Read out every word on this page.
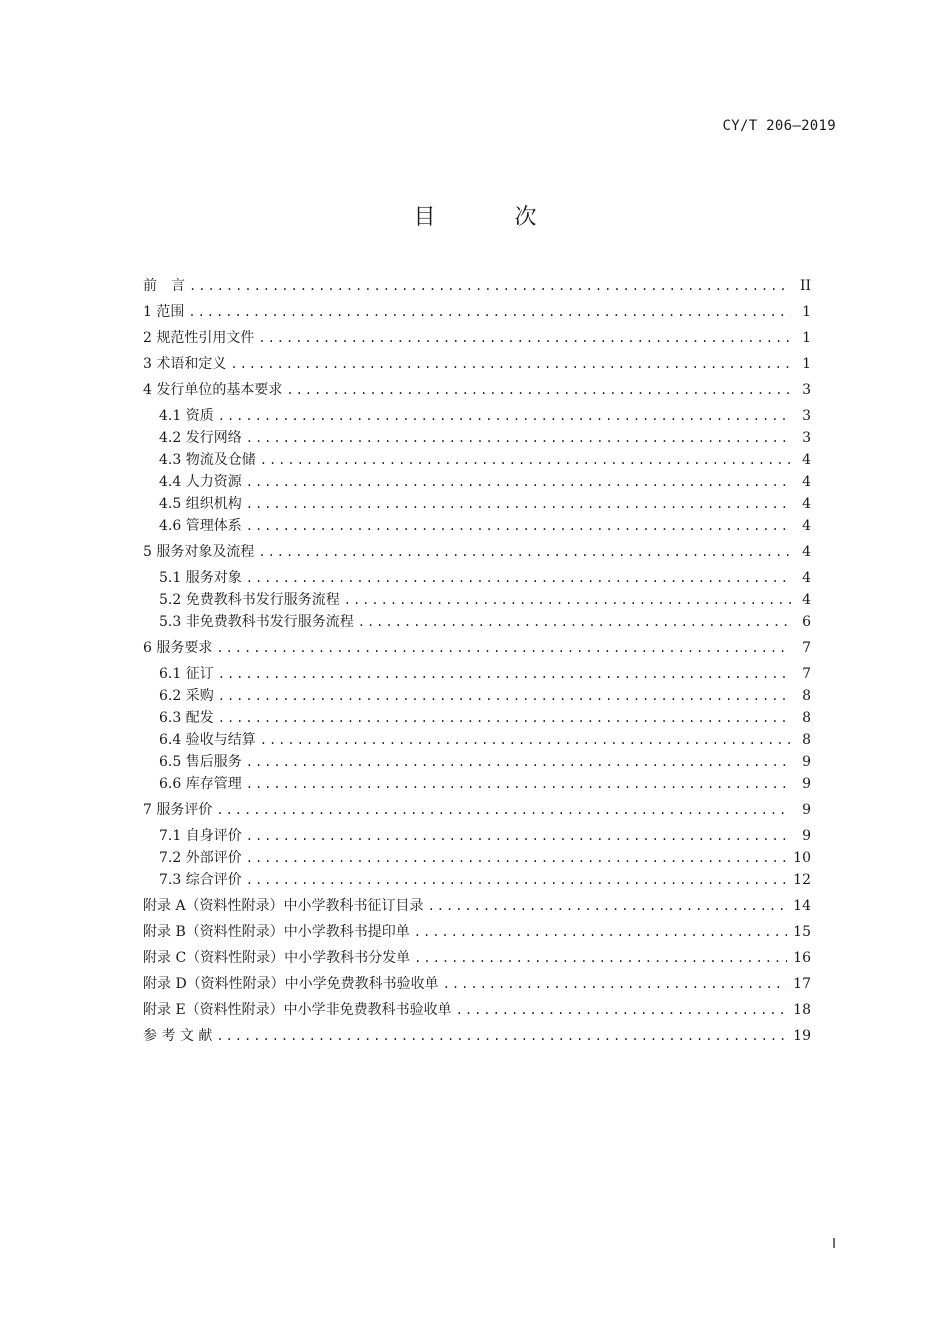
CY/T 206—2019
目 次
前　言 .....	II
1 范围 .....	1
2 规范性引用文件 .....	1
3 术语和定义 .....	1
4 发行单位的基本要求 .....	3
4.1 资质 .....	3
4.2 发行网络 .....	3
4.3 物流及仓储 .....	4
4.4 人力资源 .....	4
4.5 组织机构 .....	4
4.6 管理体系 .....	4
5 服务对象及流程 .....	4
5.1 服务对象 .....	4
5.2 免费教科书发行服务流程 .....	4
5.3 非免费教科书发行服务流程 .....	6
6 服务要求 .....	7
6.1 征订 .....	7
6.2 采购 .....	8
6.3 配发 .....	8
6.4 验收与结算 .....	8
6.5 售后服务 .....	9
6.6 库存管理 .....	9
7 服务评价 .....	9
7.1 自身评价 .....	9
7.2 外部评价 .....	10
7.3 综合评价 .....	12
附录 A（资料性附录）中小学教科书征订目录 .....	14
附录 B（资料性附录）中小学教科书提印单 .....	15
附录 C（资料性附录）中小学教科书分发单 .....	16
附录 D（资料性附录）中小学免费教科书验收单 .....	17
附录 E（资料性附录）中小学非免费教科书验收单 .....	18
参 考 文 献 .....	19
I
